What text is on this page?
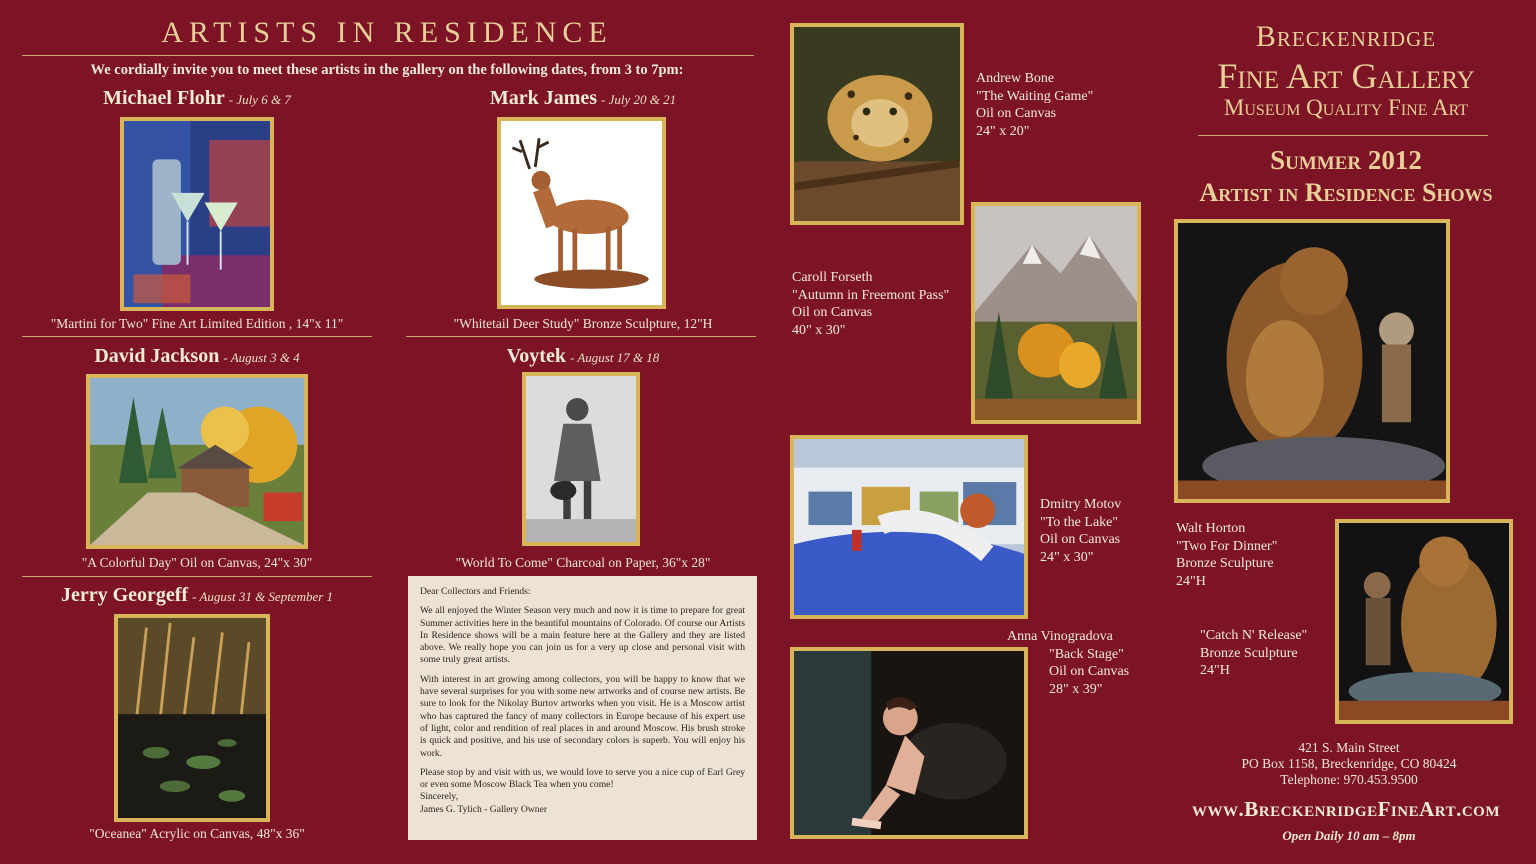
ARTISTS IN RESIDENCE
We cordially invite you to meet these artists in the gallery on the following dates, from 3 to 7pm:
Michael Flohr - July 6 & 7
"Martini for Two" Fine Art Limited Edition , 14"x 11"
Mark James - July 20 & 21
"Whitetail Deer Study" Bronze Sculpture, 12"H
David Jackson - August 3 & 4
"A Colorful Day" Oil on Canvas, 24"x 30"
Voytek - August 17 & 18
"World To Come" Charcoal on Paper, 36"x 28"
Jerry Georgeff - August 31 & September 1
"Oceanea" Acrylic on Canvas, 48"x 36"

Dear Collectors and Friends:

We all enjoyed the Winter Season very much and now it is time to prepare for great Summer activities here in the beautiful mountains of Colorado. Of course our Artists In Residence shows will be a main feature here at the Gallery and they are listed above. We really hope you can join us for a very up close and personal visit with some truly great artists.

With interest in art growing among collectors, you will be happy to know that we have several surprises for you with some new artworks and of course new artists. Be sure to look for the Nikolay Burtov artworks when you visit. He is a Moscow artist who has captured the fancy of many collectors in Europe because of his expert use of light, color and rendition of real places in and around Moscow. His brush stroke is quick and positive, and his use of secondary colors is superb. You will enjoy his work.

Please stop by and visit with us, we would love to serve you a nice cup of Earl Grey or even some Moscow Black Tea when you come!

Sincerely,
James G. Tylich - Gallery Owner
Andrew Bone
"The Waiting Game"
Oil on Canvas
24" x 20"
Caroll Forseth
"Autumn in Freemont Pass"
Oil on Canvas
40" x 30"
Dmitry Motov
"To the Lake"
Oil on Canvas
24" x 30"
Anna Vinogradova
"Back Stage"
Oil on Canvas
28" x 39"
Breckenridge
Fine Art Gallery
Museum Quality Fine Art
Summer 2012
Artist in Residence Shows
Walt Horton
"Two For Dinner"
Bronze Sculpture
24"H
"Catch N' Release"
Bronze Sculpture
24"H
421 S. Main Street
PO Box 1158, Breckenridge, CO 80424
Telephone: 970.453.9500
www.BreckenridgeFineArt.com
Open Daily 10 am – 8pm
